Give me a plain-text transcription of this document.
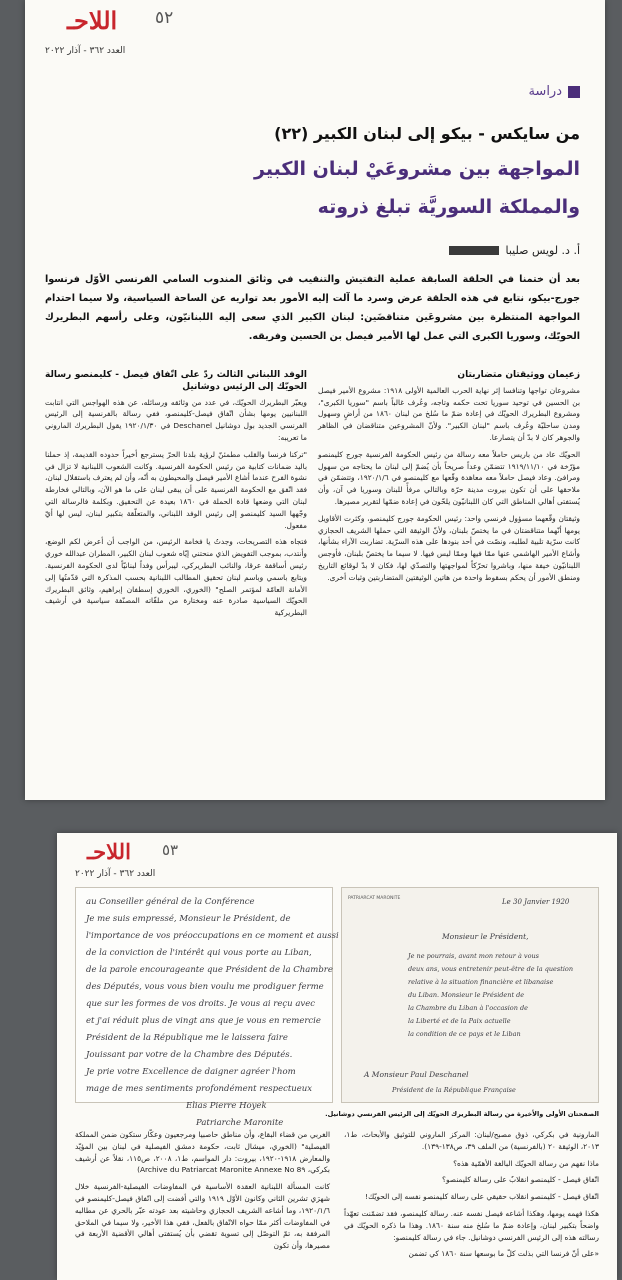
اللاحـ ٥٢
العدد ٣٦٢ - آذار ٢٠٢٢
دراسة
من سايكس - بيكو إلى لبنان الكبير (٢٢)
المواجهة بين مشروعَيْ لبنان الكبير
والمملكة السوريَّة تبلغ ذروته
أ. د. لويس صليبا
بعد أن ختمنا في الحلقة السابقة عملية التفتيش والتنقيب في وثائق المندوب السامي الفرنسي الأوّل فرنسوا جورج-بيكو، نتابع في هذه الحلقة عرض وسرد ما آلت إليه الأمور بعد تواريه عن الساحة السياسية، ولا سيما احتدام المواجهة المنتظرة بين مشروعَين متناقضَين: لبنان الكبير الذي سعى إليه اللبنانيّون، وعلى رأسهم البطريرك الحويّك، وسوريا الكبرى التي عمل لها الأمير فيصل بن الحسين وفريقه.
زعيمان ووثيقتان متضاربتان

مشروعان تواجها وتنافسا إثر نهاية الحرب العالمية الأولى ١٩١٨: مشروع الأمير فيصل بن الحسين في توحيد سوريا تحت حكمه وتاجه، وعُرف غالباً باسم "سوريا الكبرى"، ومشروع البطريرك الحويّك في إعادة ضمّ ما سُلخ من لبنان ١٨٦٠ من أراضٍ وسهول ومدن ساحليّة وعُرف باسم "لبنان الكبير". ولأنّ المشروعين متناقضان في الظاهر والجوهر كان لا بدّ أن يتصارعا.

الحويّك عاد من باريس حاملاً معه رسالة من رئيس الحكومة الفرنسية جورج كليمنصو مؤرّخة في ١٩١٩/١١/١٠ تتضمّن وعداً صريحاً بأن يُضمّ إلى لبنان ما يحتاجه من سهول ومرافئ. وعاد فيصل حاملاً معه معاهدة وقّعها مع كليمنصو في ١٩٢٠/١/٦، وتتضمّن في ملاحقها على أن تكون بيروت مدينة حرّة وبالتالي مرفأً للبنان وسوريا في آن، وأن يُستفتى أهالي المناطق التي كان اللبنانيّون يلحّون في إعادة ضمّها لتقرير مصيرها.

وثيقتان وقّعهما مسؤول فرنسي واحد: رئيس الحكومة جورج كليمنصو، وكثرت الأقاويل يومها أنّهما متناقضتان في ما يختصّ بلبنان، ولأنّ الوثيقة التي حملها الشريف الحجازي كانت سرّية تلبية لطلبه، ونصّت في أحد بنودها على هذه السرّية. تضاربت الآراء بشأنها، وأشاع الأمير الهاشمي عنها ممّا فيها وممّا ليس فيها. لا سيما ما يختصّ بلبنان، فأوجس اللبنانيّون خيفة منها، وباشروا تحرّكاً لمواجهتها والتصدّي لها، فكان لا بدّ لوقائع التاريخ ومنطق الأمور أن يحكم بسقوط واحدة من هاتين الوثيقتين المتضاربتين وثبات أخرى.

الوفد اللبناني الثالث ردّ على اتّفاق فيصل - كليمنصو رسالة الحويّك إلى الرئيس دوشانيل

ويعبّر البطريرك الحويّك، في عدد من وثائقه ورسائله، عن هذه الهواجس التي انتابت اللبنانيين يومها بشأن اتّفاق فيصل-كليمنصو، ففي رسالة بالفرنسية إلى الرئيس الفرنسي الجديد بول دوشانيل Deschanel في ١٩٢٠/١/٣٠ يقول البطريرك الماروني ما تعريبه:

"تركنا فرنسا والقلب مطمئنّ لرؤية بلدنا الحرّ يسترجع أخيراً حدوده القديمة، إذ حملنا باليد ضمانات كتابية من رئيس الحكومة الفرنسية. وكانت الشعوب اللبنانية لا تزال في نشوة الفرح عندما أشاع الأمير فيصل والمحيطون به أنّه، وأن لم يعترف باستقلال لبنان، فقد اتّفق مع الحكومة الفرنسية على أن يبقى لبنان على ما هو الآن، وبالتالي فخارطة لبنان التي وضعها قادة الحملة في ١٨٦٠ بعيدة عن التحقيق. وبكلمة فالرسالة التي وجّهها السيد كليمنصو إلى رئيس الوفد اللبناني، والمتعلّقة بتكبير لبنان، ليس لها أيّ مفعول.

فتجاه هذه التصريحات، وجدتُ يا فخامة الرئيس، من الواجب أن أعرض لكم الوضع، وأنتدب، بموجب التفويض الذي منحتني إيّاه شعوب لبنان الكبير، المطران عبدالله خوري رئيس أساقفة عرقا، والنائب البطريركي، ليبرأس وفداً لبنانيّاً لدى الحكومة الفرنسية. ويتابع باسمي وباسم لبنان تحقيق المطالب اللبنانية بحسب المذكرة التي قدّمتُها إلى الأمانة العامّة لمؤتمر الصلح" (الخوري، الخوري إسطفان إبراهيم، وثائق البطريرك الحويّك السياسية صادرة عنه ومختارة من ملفّاته المصنّفة سياسية في أرشيف البطريركية

اللاحـ ٥٣
العدد ٣٦٢ - آذار ٢٠٢٢
au Conseiller général de la Conférence
Je me suis empressé, Monsieur le Président, de
l'importance de vos préoccupations en ce moment et aussi
de la conviction de l'intérêt qui vous porte au Liban,
de la parole encourageante que Président de la Chambre
des Députés, vous vous bien voulu me prodiguer ferme
que sur les formes de vos droits. Je vous ai reçu avec
et j'ai réduit plus de vingt ans que je vous en remercie
Président de la République me le laissera faire
Jouissant par votre de la Chambre des Députés.
Je prie votre Excellence de daigner agréer l'hom
mage de mes sentiments profondément respectueux
Elias Pierre Hoyek
Patriarche Maronite
PATRIARCAT MARONITE	Le 30 Janvier 1920
Monsieur le Président,
Je ne pourrais, avant mon retour à vous
deux ans, vous entretenir peut-être de la question
relative à la situation financière et libanaise
du Liban. Monsieur le Président de
la Chambre du Liban à l'occasion de
la Liberté et de la Paix actuelle
la condition de ce pays et le Liban
A Monsieur Paul Deschanel
Président de la République Française
الصفحتان الأولى والأخيرة من رسالة البطريرك الحويّك إلى الرئيس الفرنسي دوشانيل.

المارونية في بكركي، ذوق مصبح/لبنان: المركز الماروني للتوثيق والأبحاث، ط١، ٢٠١٣، الوثيقة ٢٠ (بالفرنسية) من الملف ٣٩، ص١٣٨-١٣٩).

ماذا نفهم من رسالة الحويّك البالغة الأهمّية هذه؟

اتّفاق فيصل - كليمنصو انقلابٌ على رسالة كليمنصو؟

اتّفاق فيصل - كليمنصو انقلاب حقيقي على رسالة كليمنصو نفسه إلى الحويّك!

هكذا فهمه يومها، وهكذا أشاعه فيصل نفسه عنه. رسالة كليمنصو، فقد تضمّنت تعهّداً واضحاً بتكبير لبنان، وإعادة ضمّ ما سُلخ منه سنة ١٨٦٠. وهذا ما ذكره الحويّك في رسالته هذه إلى الرئيس الفرنسي دوشانيل. جاء في رسالة كليمنصو:

«على أنّ فرنسا التي بذلت كلّ ما بوسعها سنة ١٨٦٠ كي تضمن

الغربي من قضاء البقاع، وأن مناطق حاصبيا ومرجعيون وعكّار ستكون ضمن المملكة الفيصلية" (الخوري، ميشال ثابت، حكومة دمشق الفيصلية في لبنان بين المؤيّد والمعارض ١٩١٨-١٩٢٠، بيروت: دار المواسم، ط١، ٢٠٠٨، ص١١٥، نقلاً عن أرشيف بكركي، Archive du Patriarcat Maronite Annexe No 8٩)

كانت المسألة اللبنانية العقدة الأساسية في المفاوضات الفيصلية-الفرنسية خلال شهرَي تشرين الثاني وكانون الأوّل ١٩١٩ والتي أفضت إلى اتّفاق فيصل-كليمنصو في ١٩٢٠/١/٦، وما أشاعه الشريف الحجازي وحاشيته بعد عودته عبّر بالحري عن مطالبه في المفاوضات أكثر ممّا حواه الاتّفاق بالفعل، ففي هذا الأخير، ولا سيما في الملاحق المرفقة به، تمّ التوصّل إلى تسوية تقضي بأن يُستفتى أهالي الأقضية الأربعة في مصيرها، وأن تكون
